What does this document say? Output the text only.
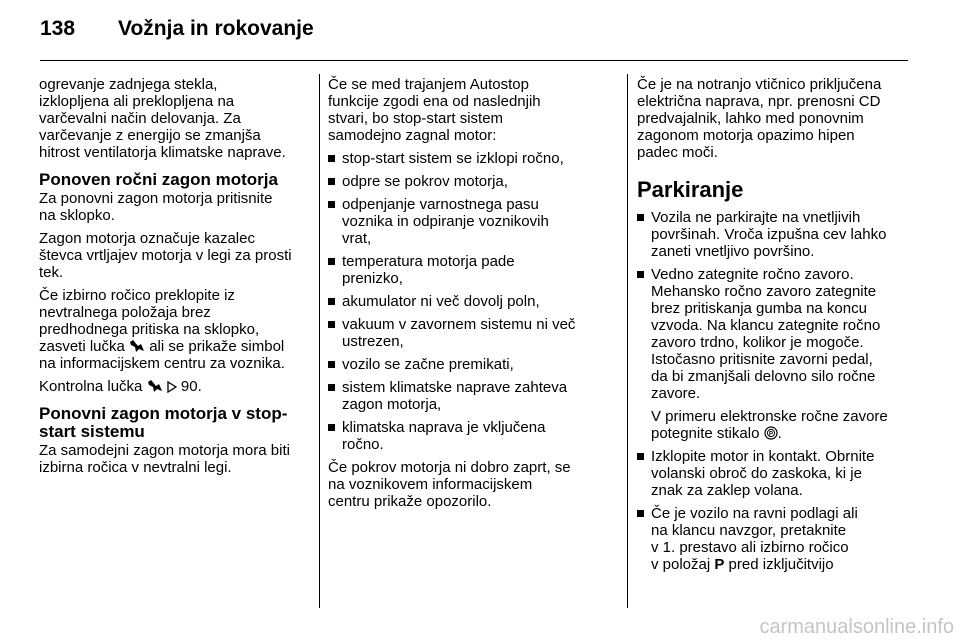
138	Vožnja in rokovanje

ogrevanje zadnjega stekla,
izklopljena ali preklopljena na
varčevalni način delovanja. Za
varčevanje z energijo se zmanjša
hitrost ventilatorja klimatske naprave.

Ponoven ročni zagon motorja

Za ponovni zagon motorja pritisnite
na sklopko.

Zagon motorja označuje kazalec
števca vrtljajev motorja v legi za prosti
tek.

Če izbirno ročico preklopite iz
nevtralnega položaja brez
predhodnega pritiska na sklopko,
zasveti lučka  ali se prikaže simbol
na informacijskem centru za voznika.

Kontrolna lučka   90.

Ponovni zagon motorja v stop-
start sistemu

Za samodejni zagon motorja mora biti
izbirna ročica v nevtralni legi.

Če se med trajanjem Autostop
funkcije zgodi ena od naslednjih
stvari, bo stop-start sistem
samodejno zagnal motor:

stop-start sistem se izklopi ročno,
odpre se pokrov motorja,
odpenjanje varnostnega pasu
voznika in odpiranje voznikovih
vrat,
temperatura motorja pade
prenizko,
akumulator ni več dovolj poln,
vakuum v zavornem sistemu ni več
ustrezen,
vozilo se začne premikati,
sistem klimatske naprave zahteva
zagon motorja,
klimatska naprava je vključena
ročno.

Če pokrov motorja ni dobro zaprt, se
na voznikovem informacijskem
centru prikaže opozorilo.

Če je na notranjo vtičnico priključena
električna naprava, npr. prenosni CD
predvajalnik, lahko med ponovnim
zagonom motorja opazimo hipen
padec moči.

Parkiranje
Vozila ne parkirajte na vnetljivih
površinah. Vroča izpušna cev lahko
zaneti vnetljivo površino.
Vedno zategnite ročno zavoro.
Mehansko ročno zavoro zategnite
brez pritiskanja gumba na koncu
vzvoda. Na klancu zategnite ročno
zavoro trdno, kolikor je mogoče.
Istočasno pritisnite zavorni pedal,
da bi zmanjšali delovno silo ročne
zavore.
V primeru elektronske ročne zavore
potegnite stikalo P .
Izklopite motor in kontakt. Obrnite
volanski obroč do zaskoka, ki je
znak za zaklep volana.
Če je vozilo na ravni podlagi ali
na klancu navzgor, pretaknite
v 1. prestavo ali izbirno ročico
v položaj P pred izključitvijo
carmanualsonline.info
